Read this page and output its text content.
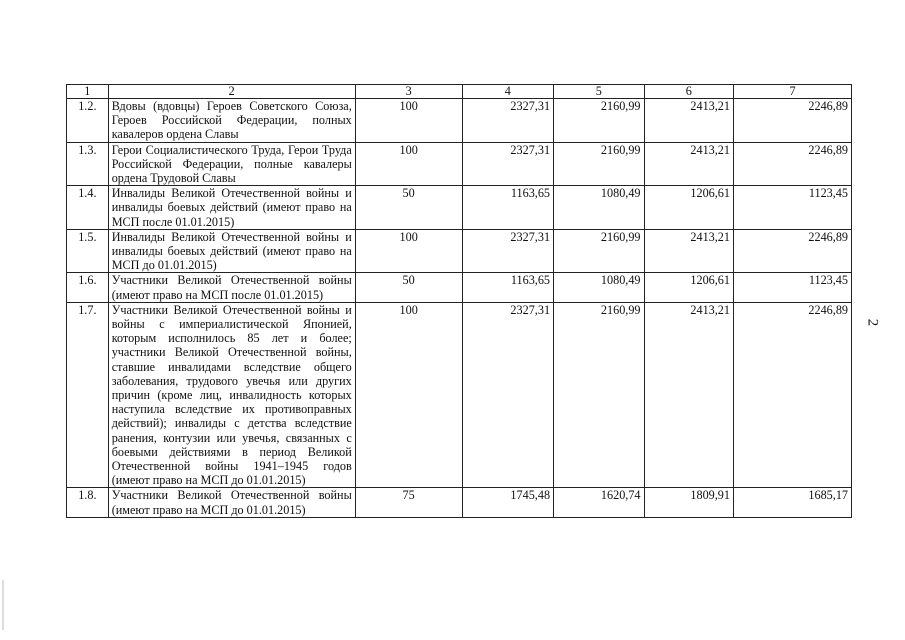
2
1	2	3	4	5	6	7
1.2.	Вдовы (вдовцы) Героев Советского Союза, Героев Российской Федерации, полных кавалеров ордена Славы	100	2327,31	2160,99	2413,21	2246,89
1.3.	Герои Социалистического Труда, Герои Труда Российской Федерации, полные кавалеры ордена Трудовой Славы	100	2327,31	2160,99	2413,21	2246,89
1.4.	Инвалиды Великой Отечественной войны и инвалиды боевых действий (имеют право на МСП после 01.01.2015)	50	1163,65	1080,49	1206,61	1123,45
1.5.	Инвалиды Великой Отечественной войны и инвалиды боевых действий (имеют право на МСП до 01.01.2015)	100	2327,31	2160,99	2413,21	2246,89
1.6.	Участники Великой Отечественной войны (имеют право на МСП после 01.01.2015)	50	1163,65	1080,49	1206,61	1123,45
1.7.	Участники Великой Отечественной войны и войны с империалистической Японией, которым исполнилось 85 лет и более; участники Великой Отечественной войны, ставшие инвалидами вследствие общего заболевания, трудового увечья или других причин (кроме лиц, инвалидность которых наступила вследствие их противоправных действий); инвалиды с детства вследствие ранения, контузии или увечья, связанных с боевыми действиями в период Великой Отечественной войны 1941–1945 годов (имеют право на МСП до 01.01.2015)	100	2327,31	2160,99	2413,21	2246,89
1.8.	Участники Великой Отечественной войны (имеют право на МСП до 01.01.2015)	75	1745,48	1620,74	1809,91	1685,17
